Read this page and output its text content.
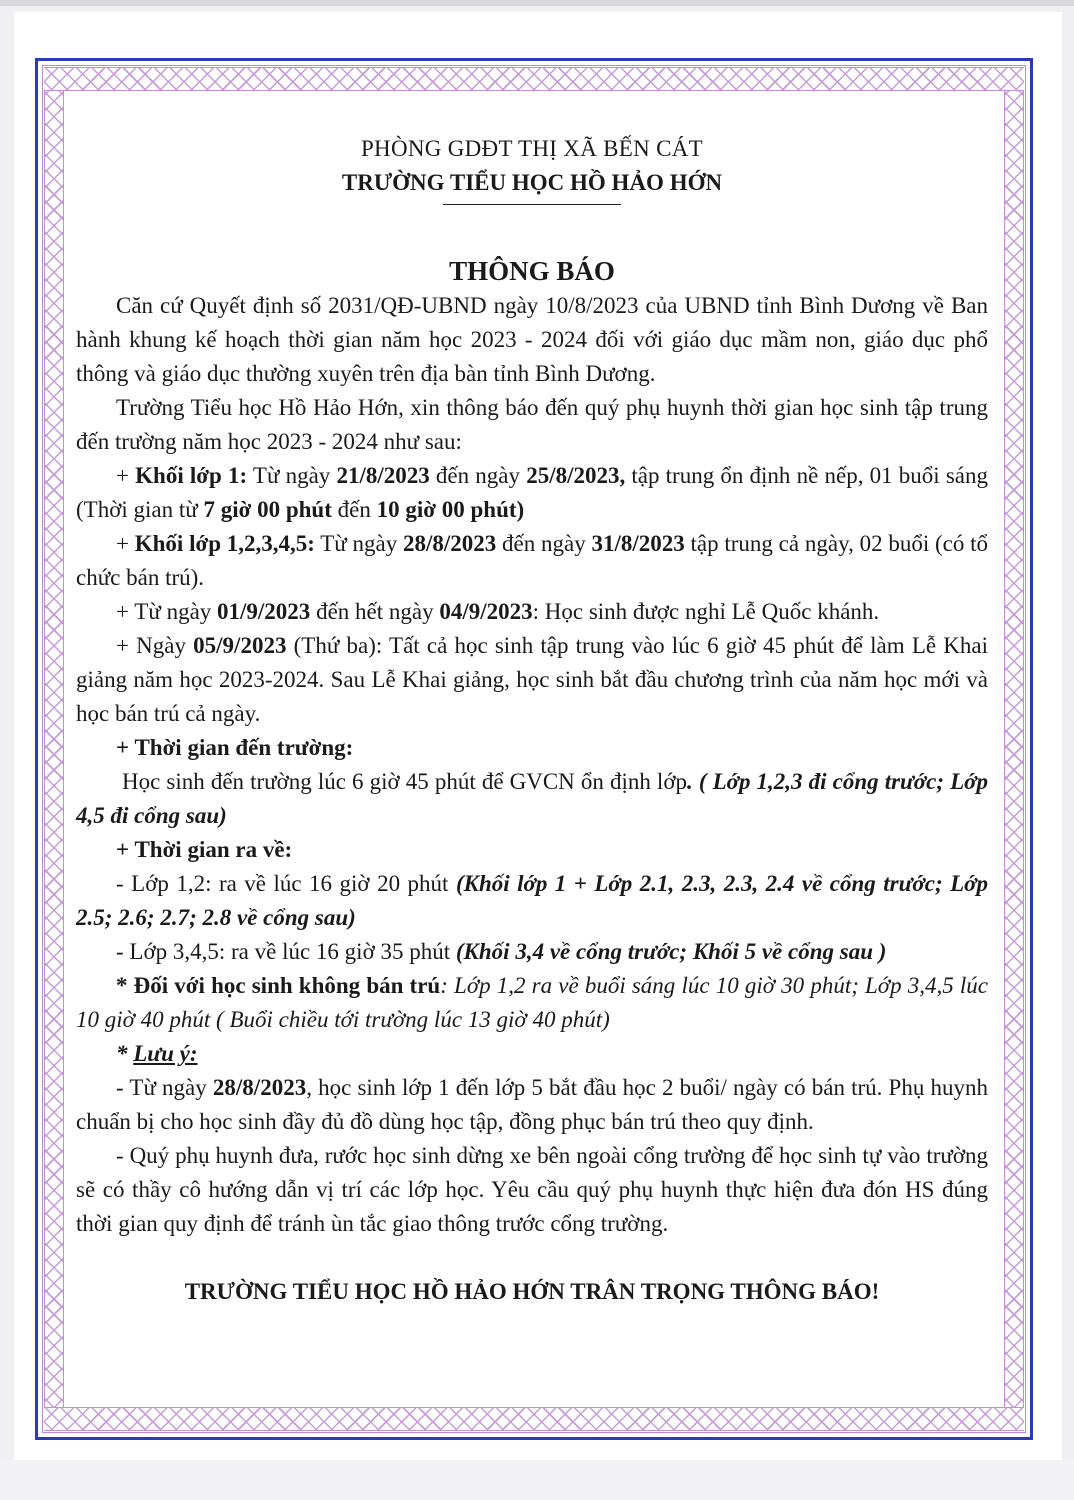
PHÒNG GDĐT THỊ XÃ BẾN CÁT
TRƯỜNG TIỂU HỌC HỒ HẢO HỚN
THÔNG BÁO

Căn cứ Quyết định số 2031/QĐ-UBND ngày 10/8/2023 của UBND tỉnh Bình Dương về Ban hành khung kế hoạch thời gian năm học 2023 - 2024 đối với giáo dục mầm non, giáo dục phổ thông và giáo dục thường xuyên trên địa bàn tỉnh Bình Dương.

Trường Tiểu học Hồ Hảo Hớn, xin thông báo đến quý phụ huynh thời gian học sinh tập trung đến trường năm học 2023 - 2024 như sau:

+ Khối lớp 1: Từ ngày 21/8/2023 đến ngày 25/8/2023, tập trung ổn định nề nếp, 01 buổi sáng (Thời gian từ 7 giờ 00 phút đến 10 giờ 00 phút)

+ Khối lớp 1,2,3,4,5: Từ ngày 28/8/2023 đến ngày 31/8/2023 tập trung cả ngày, 02 buổi (có tổ chức bán trú).

+ Từ ngày 01/9/2023 đến hết ngày 04/9/2023: Học sinh được nghỉ Lễ Quốc khánh.

+ Ngày 05/9/2023 (Thứ ba): Tất cả học sinh tập trung vào lúc 6 giờ 45 phút để làm Lễ Khai giảng năm học 2023-2024. Sau Lễ Khai giảng, học sinh bắt đầu chương trình của năm học mới và học bán trú cả ngày.

+ Thời gian đến trường:

Học sinh đến trường lúc 6 giờ 45 phút để GVCN ổn định lớp. ( Lớp 1,2,3 đi cổng trước; Lớp 4,5 đi cổng sau)

+ Thời gian ra về:

- Lớp 1,2: ra về lúc 16 giờ 20 phút (Khối lớp 1 + Lớp 2.1, 2.3, 2.3, 2.4 về cổng trước; Lớp 2.5; 2.6; 2.7; 2.8 về cổng sau)

- Lớp 3,4,5: ra về lúc 16 giờ 35 phút (Khối 3,4 về cổng trước; Khối 5 về cổng sau )

* Đối với học sinh không bán trú: Lớp 1,2 ra về buổi sáng lúc 10 giờ 30 phút; Lớp 3,4,5 lúc 10 giờ 40 phút ( Buổi chiều tới trường lúc 13 giờ 40 phút)

* Lưu ý:

- Từ ngày 28/8/2023, học sinh lớp 1 đến lớp 5 bắt đầu học 2 buổi/ ngày có bán trú. Phụ huynh chuẩn bị cho học sinh đầy đủ đồ dùng học tập, đồng phục bán trú theo quy định.

- Quý phụ huynh đưa, rước học sinh dừng xe bên ngoài cổng trường để học sinh tự vào trường sẽ có thầy cô hướng dẫn vị trí các lớp học. Yêu cầu quý phụ huynh thực hiện đưa đón HS đúng thời gian quy định để tránh ùn tắc giao thông trước cổng trường.

TRƯỜNG TIỂU HỌC HỒ HẢO HỚN TRÂN TRỌNG THÔNG BÁO!
